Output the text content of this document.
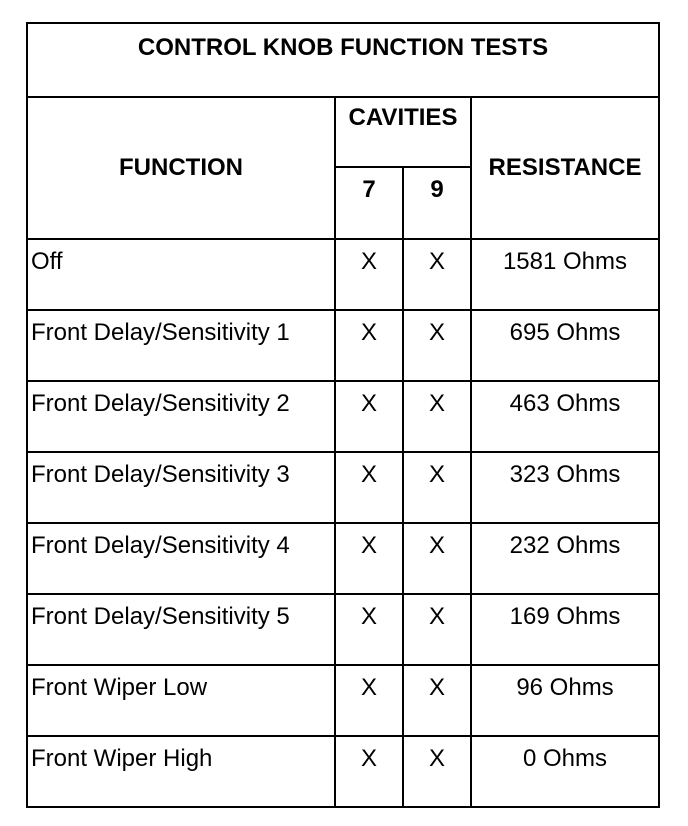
CONTROL KNOB FUNCTION TESTS			

FUNCTION	CAVITIES		RESISTANCE

	7	9	

Off	X	X	1581 Ohms

Front Delay/Sensitivity 1	X	X	695 Ohms

Front Delay/Sensitivity 2	X	X	463 Ohms

Front Delay/Sensitivity 3	X	X	323 Ohms

Front Delay/Sensitivity 4	X	X	232 Ohms

Front Delay/Sensitivity 5	X	X	169 Ohms

Front Wiper Low	X	X	96 Ohms

Front Wiper High	X	X	0 Ohms
